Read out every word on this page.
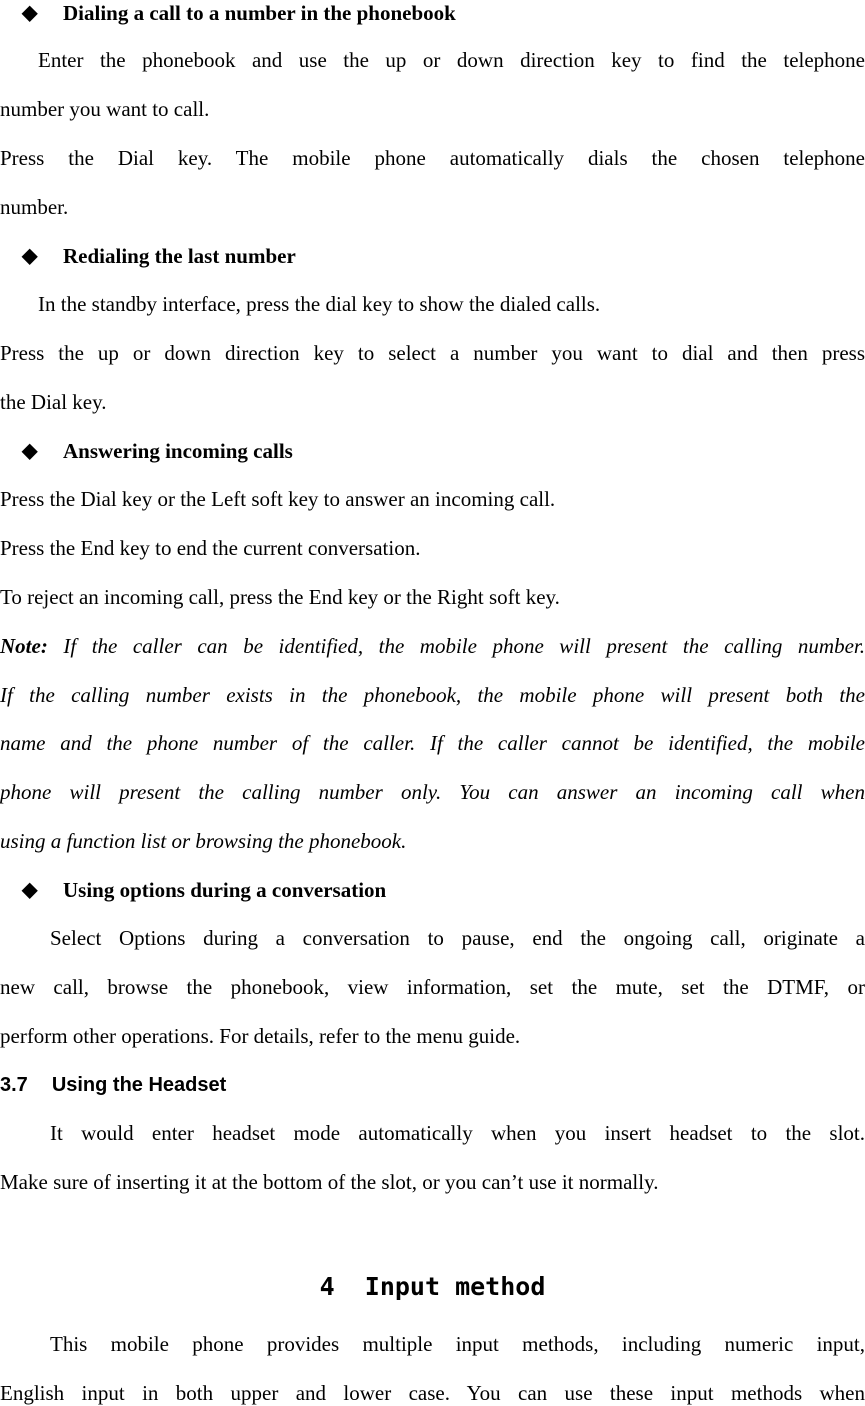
◆ Dialing a call to a number in the phonebook
Enter the phonebook and use the up or down direction key to find the telephone
number you want to call.
Press the Dial key. The mobile phone automatically dials the chosen telephone
number.
◆ Redialing the last number
In the standby interface, press the dial key to show the dialed calls.
Press the up or down direction key to select a number you want to dial and then press
the Dial key.
◆ Answering incoming calls
Press the Dial key or the Left soft key to answer an incoming call.
Press the End key to end the current conversation.
To reject an incoming call, press the End key or the Right soft key.
Note: If the caller can be identified, the mobile phone will present the calling number.
If the calling number exists in the phonebook, the mobile phone will present both the
name and the phone number of the caller. If the caller cannot be identified, the mobile
phone will present the calling number only. You can answer an incoming call when
using a function list or browsing the phonebook.
◆ Using options during a conversation
Select Options during a conversation to pause, end the ongoing call, originate a
new call, browse the phonebook, view information, set the mute, set the DTMF, or
perform other operations. For details, refer to the menu guide.
3.7 Using the Headset
It would enter headset mode automatically when you insert headset to the slot.
Make sure of inserting it at the bottom of the slot, or you can’t use it normally.
4  Input method
This mobile phone provides multiple input methods, including numeric input,
English input in both upper and lower case. You can use these input methods when
